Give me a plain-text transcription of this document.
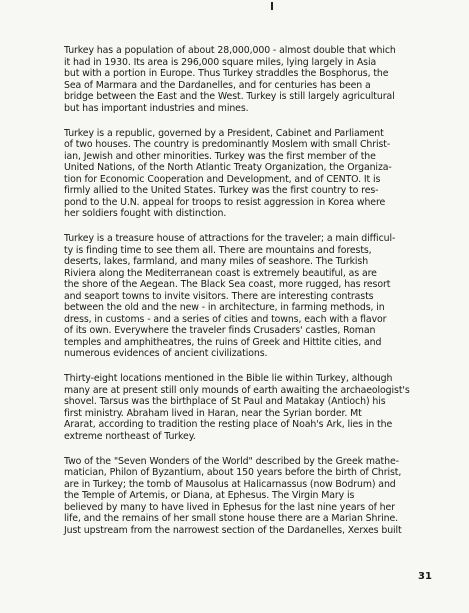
Turkey has a population of about 28,000,000 - almost double that which
it had in 1930. Its area is 296,000 square miles, lying largely in Asia
but with a portion in Europe. Thus Turkey straddles the Bosphorus, the
Sea of Marmara and the Dardanelles, and for centuries has been a
bridge between the East and the West. Turkey is still largely agricultural
but has important industries and mines.

Turkey is a republic, governed by a President, Cabinet and Parliament
of two houses. The country is predominantly Moslem with small Christ-
ian, Jewish and other minorities. Turkey was the first member of the
United Nations, of the North Atlantic Treaty Organization, the Organiza-
tion for Economic Cooperation and Development, and of CENTO. It is
firmly allied to the United States. Turkey was the first country to res-
pond to the U.N. appeal for troops to resist aggression in Korea where
her soldiers fought with distinction.

Turkey is a treasure house of attractions for the traveler; a main difficul-
ty is finding time to see them all. There are mountains and forests,
deserts, lakes, farmland, and many miles of seashore. The Turkish
Riviera along the Mediterranean coast is extremely beautiful, as are
the shore of the Aegean. The Black Sea coast, more rugged, has resort
and seaport towns to invite visitors. There are interesting contrasts
between the old and the new - in architecture, in farming methods, in
dress, in customs - and a series of cities and towns, each with a flavor
of its own. Everywhere the traveler finds Crusaders' castles, Roman
temples and amphitheatres, the ruins of Greek and Hittite cities, and
numerous evidences of ancient civilizations.

Thirty-eight locations mentioned in the Bible lie within Turkey, although
many are at present still only mounds of earth awaiting the archaeologist's
shovel. Tarsus was the birthplace of St Paul and Matakay (Antioch) his
first ministry. Abraham lived in Haran, near the Syrian border. Mt
Ararat, according to tradition the resting place of Noah's Ark, lies in the
extreme northeast of Turkey.

Two of the "Seven Wonders of the World" described by the Greek mathe-
matician, Philon of Byzantium, about 150 years before the birth of Christ,
are in Turkey; the tomb of Mausolus at Halicarnassus (now Bodrum) and
the Temple of Artemis, or Diana, at Ephesus. The Virgin Mary is
believed by many to have lived in Ephesus for the last nine years of her
life, and the remains of her small stone house there are a Marian Shrine.
Just upstream from the narrowest section of the Dardanelles, Xerxes built

31
